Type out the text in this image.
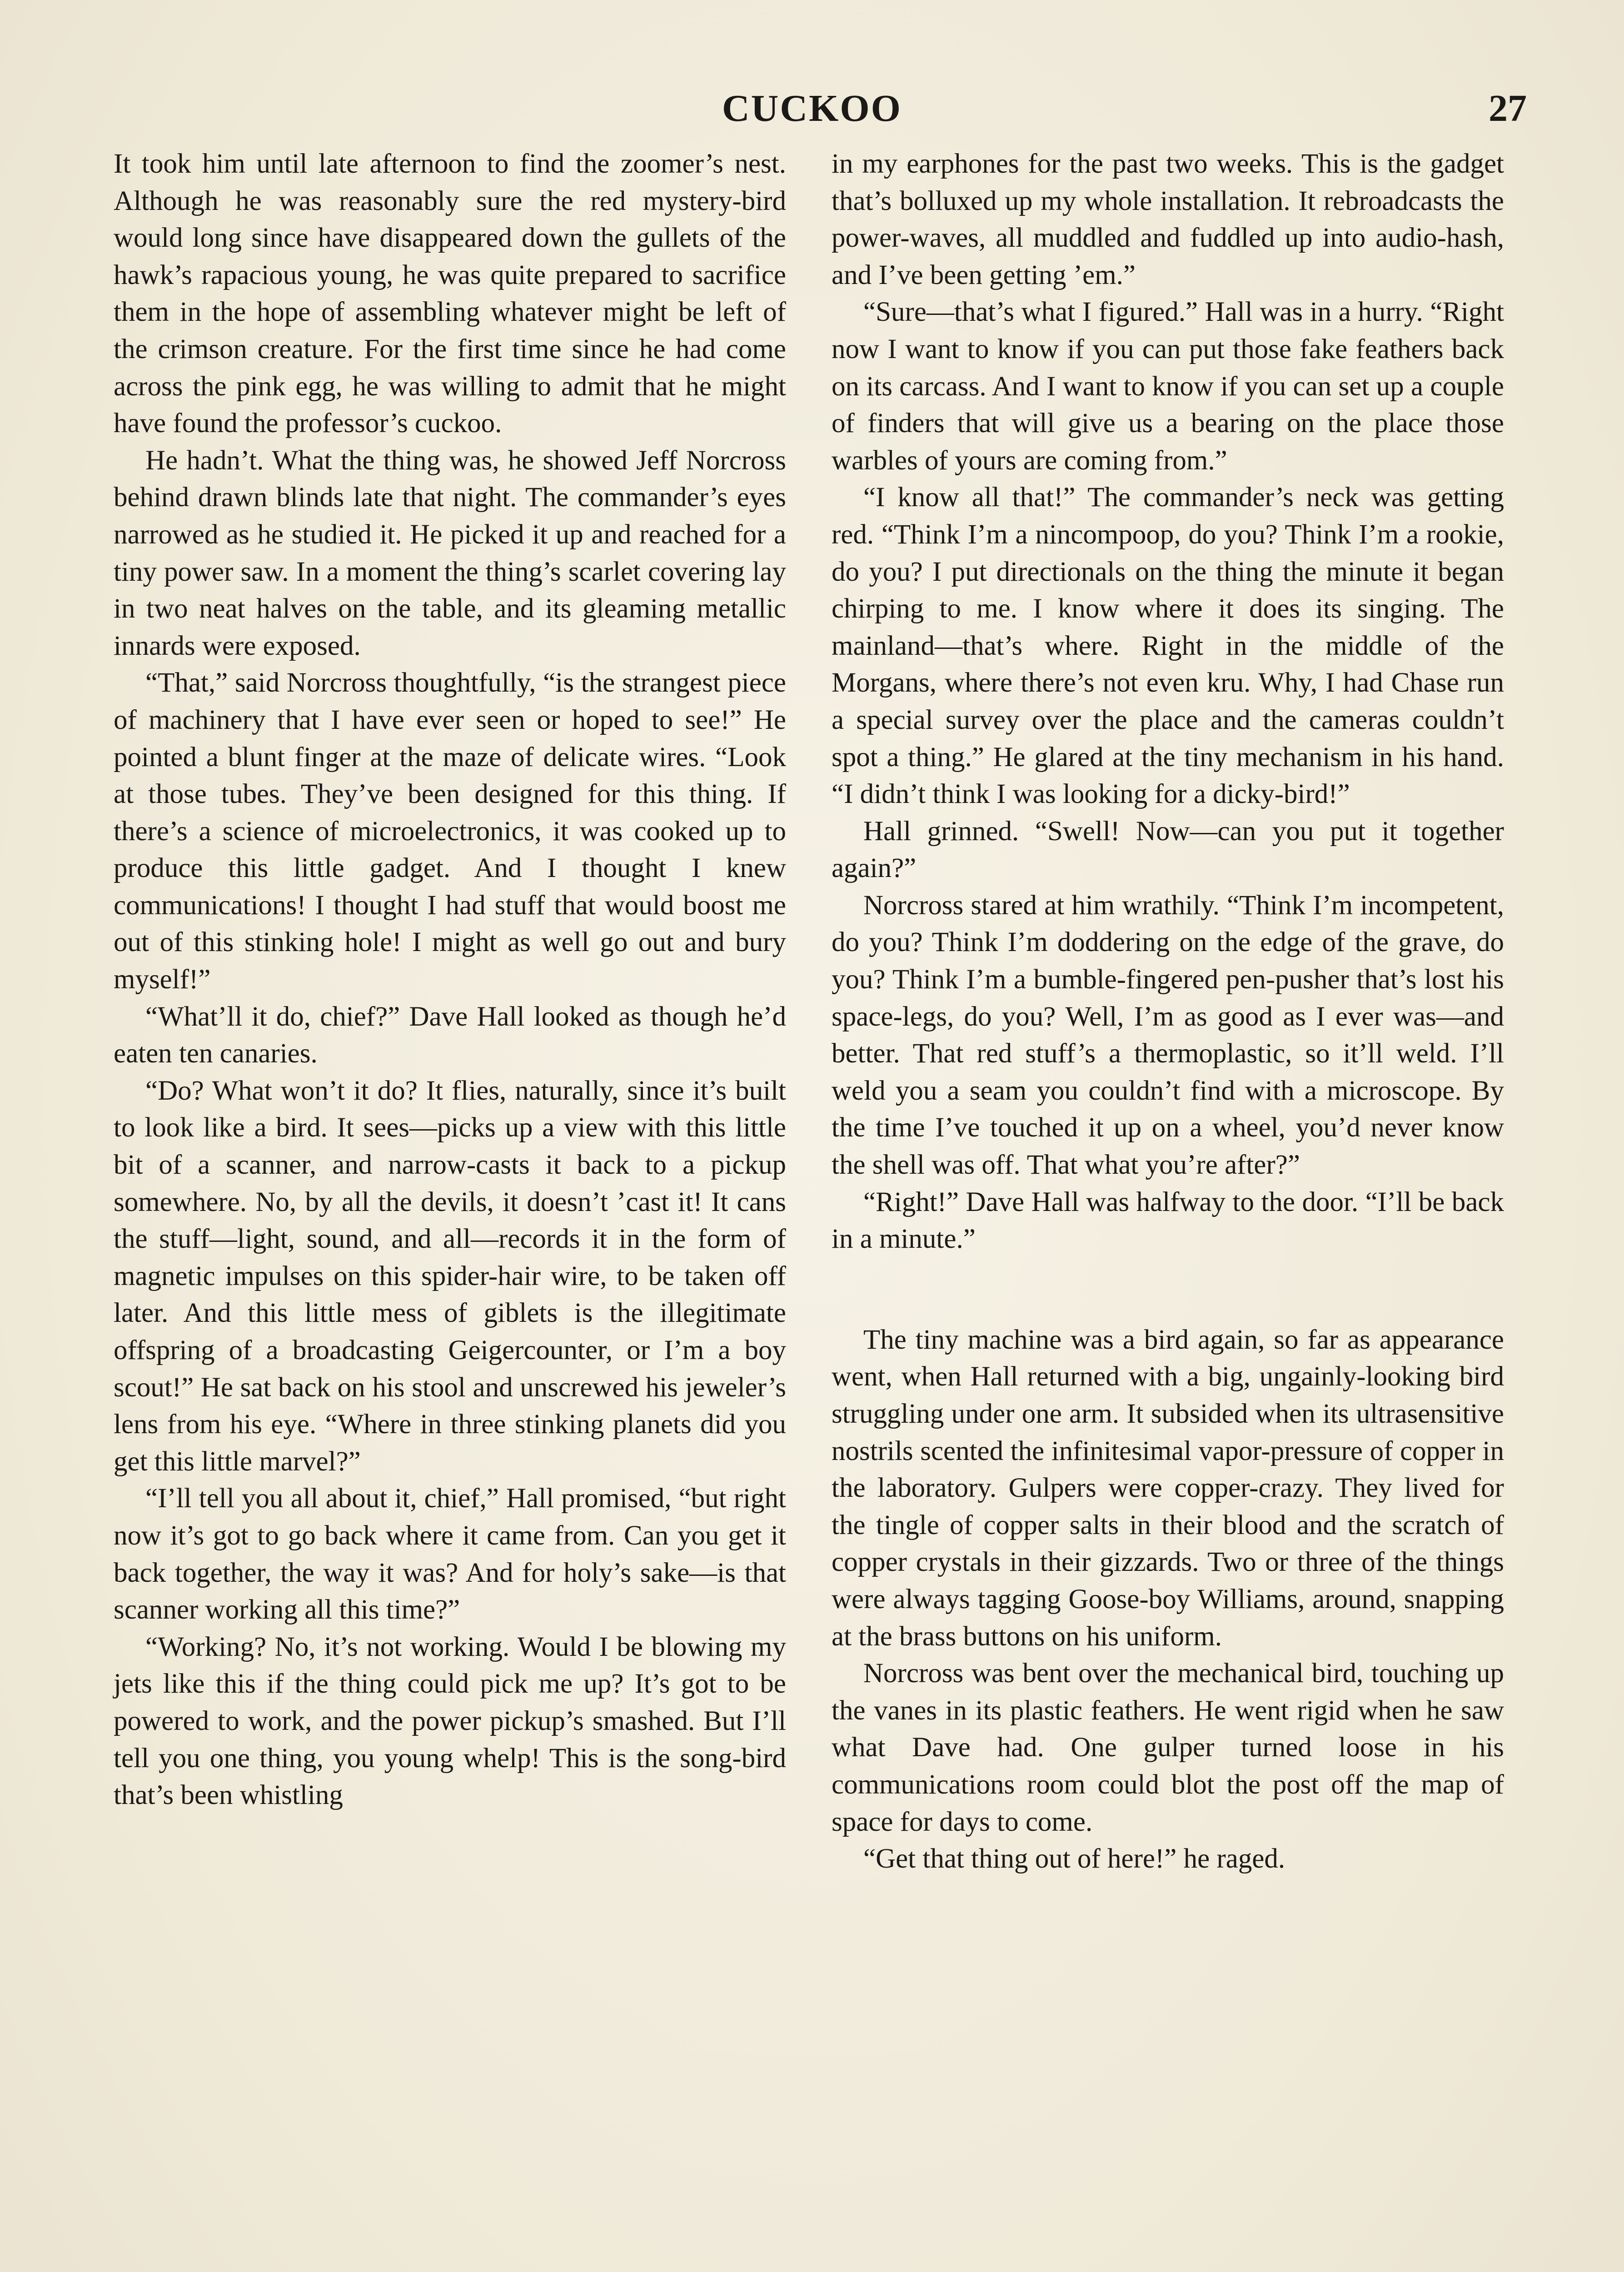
CUCKOO	27

It took him until late afternoon to find the zoomer’s nest. Although he was reasonably sure the red mystery-bird would long since have disappeared down the gullets of the hawk’s rapacious young, he was quite prepared to sacrifice them in the hope of assembling whatever might be left of the crimson creature. For the first time since he had come across the pink egg, he was willing to admit that he might have found the professor’s cuckoo.

He hadn’t. What the thing was, he showed Jeff Norcross behind drawn blinds late that night. The commander’s eyes narrowed as he studied it. He picked it up and reached for a tiny power saw. In a moment the thing’s scarlet covering lay in two neat halves on the table, and its gleaming metallic innards were exposed.

“That,” said Norcross thoughtfully, “is the strangest piece of machinery that I have ever seen or hoped to see!” He pointed a blunt finger at the maze of delicate wires. “Look at those tubes. They’ve been designed for this thing. If there’s a science of microelectronics, it was cooked up to produce this little gadget. And I thought I knew communications! I thought I had stuff that would boost me out of this stinking hole! I might as well go out and bury myself!”

“What’ll it do, chief?” Dave Hall looked as though he’d eaten ten canaries.

“Do? What won’t it do? It flies, naturally, since it’s built to look like a bird. It sees—picks up a view with this little bit of a scanner, and narrow-casts it back to a pickup somewhere. No, by all the devils, it doesn’t ’cast it! It cans the stuff—light, sound, and all—records it in the form of magnetic impulses on this spider-hair wire, to be taken off later. And this little mess of giblets is the illegitimate offspring of a broadcasting Geigercounter, or I’m a boy scout!” He sat back on his stool and unscrewed his jeweler’s lens from his eye. “Where in three stinking planets did you get this little marvel?”

“I’ll tell you all about it, chief,” Hall promised, “but right now it’s got to go back where it came from. Can you get it back together, the way it was? And for holy’s sake—is that scanner working all this time?”

“Working? No, it’s not working. Would I be blowing my jets like this if the thing could pick me up? It’s got to be powered to work, and the power pickup’s smashed. But I’ll tell you one thing, you young whelp! This is the song-bird that’s been whistling

in my earphones for the past two weeks. This is the gadget that’s bolluxed up my whole installation. It rebroadcasts the power-waves, all muddled and fuddled up into audio-hash, and I’ve been getting ’em.”

“Sure—that’s what I figured.” Hall was in a hurry. “Right now I want to know if you can put those fake feathers back on its carcass. And I want to know if you can set up a couple of finders that will give us a bearing on the place those warbles of yours are coming from.”

“I know all that!” The commander’s neck was getting red. “Think I’m a nincompoop, do you? Think I’m a rookie, do you? I put directionals on the thing the minute it began chirping to me. I know where it does its singing. The mainland—that’s where. Right in the middle of the Morgans, where there’s not even kru. Why, I had Chase run a special survey over the place and the cameras couldn’t spot a thing.” He glared at the tiny mechanism in his hand. “I didn’t think I was looking for a dicky-bird!”

Hall grinned. “Swell! Now—can you put it together again?”

Norcross stared at him wrathily. “Think I’m incompetent, do you? Think I’m doddering on the edge of the grave, do you? Think I’m a bumble-fingered pen-pusher that’s lost his space-legs, do you? Well, I’m as good as I ever was—and better. That red stuff’s a thermoplastic, so it’ll weld. I’ll weld you a seam you couldn’t find with a microscope. By the time I’ve touched it up on a wheel, you’d never know the shell was off. That what you’re after?”

“Right!” Dave Hall was halfway to the door. “I’ll be back in a minute.”

The tiny machine was a bird again, so far as appearance went, when Hall returned with a big, ungainly-looking bird struggling under one arm. It subsided when its ultrasensitive nostrils scented the infinitesimal vapor-pressure of copper in the laboratory. Gulpers were copper-crazy. They lived for the tingle of copper salts in their blood and the scratch of copper crystals in their gizzards. Two or three of the things were always tagging Goose-boy Williams, around, snapping at the brass buttons on his uniform.

Norcross was bent over the mechanical bird, touching up the vanes in its plastic feathers. He went rigid when he saw what Dave had. One gulper turned loose in his communications room could blot the post off the map of space for days to come.

“Get that thing out of here!” he raged.
